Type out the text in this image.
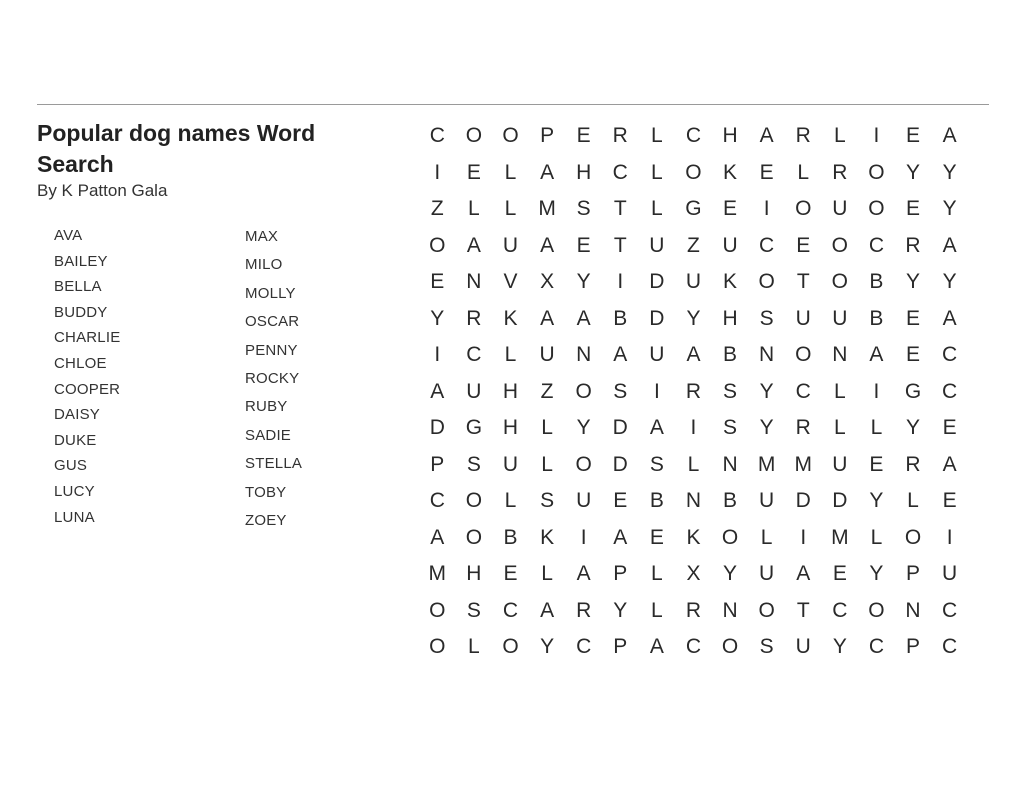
Popular dog names Word Search
By K Patton Gala
AVA
BAILEY
BELLA
BUDDY
CHARLIE
CHLOE
COOPER
DAISY
DUKE
GUS
LUCY
LUNA
MAX
MILO
MOLLY
OSCAR
PENNY
ROCKY
RUBY
SADIE
STELLA
TOBY
ZOEY
C O O	P	E	R	L	C	H	A	R	L	I	E	A
I	E	L	A	H	C	L	O	K	E	L	R O	Y	Y
Z	L	L	M S	T	L	G	E	I	O U O	E	Y
O	A	U	A	E	T	U	Z	U	C	E	O C	R	A
E	N	V	X	Y	I	D	U	K	O	T	O	B	Y	Y
Y	R	K	A	A	B	D	Y	H	S	U	U	B	E	A
I	C	L	U	N	A	U	A	B	N O N	A	E	C
A	U	H	Z	O	S	I	R	S	Y	C	L	I	G C
D G H	L	Y	D	A	I	S	Y	R	L	L	Y	E
P	S	U	L	O D	S	L	N M M U	E	R	A
C O	L	S	U	E	B	N	B	U	D	D	Y	L	E
A	O	B	K	I	A	E	K	O	L	I	M	L	O	I
M H	E	L	A	P	L	X	Y	U	A	E	Y	P	U
O	S	C	A	R	Y	L	R	N O	T	C O N	C
O	L	O	Y	C	P	A	C O	S	U	Y	C	P	C
